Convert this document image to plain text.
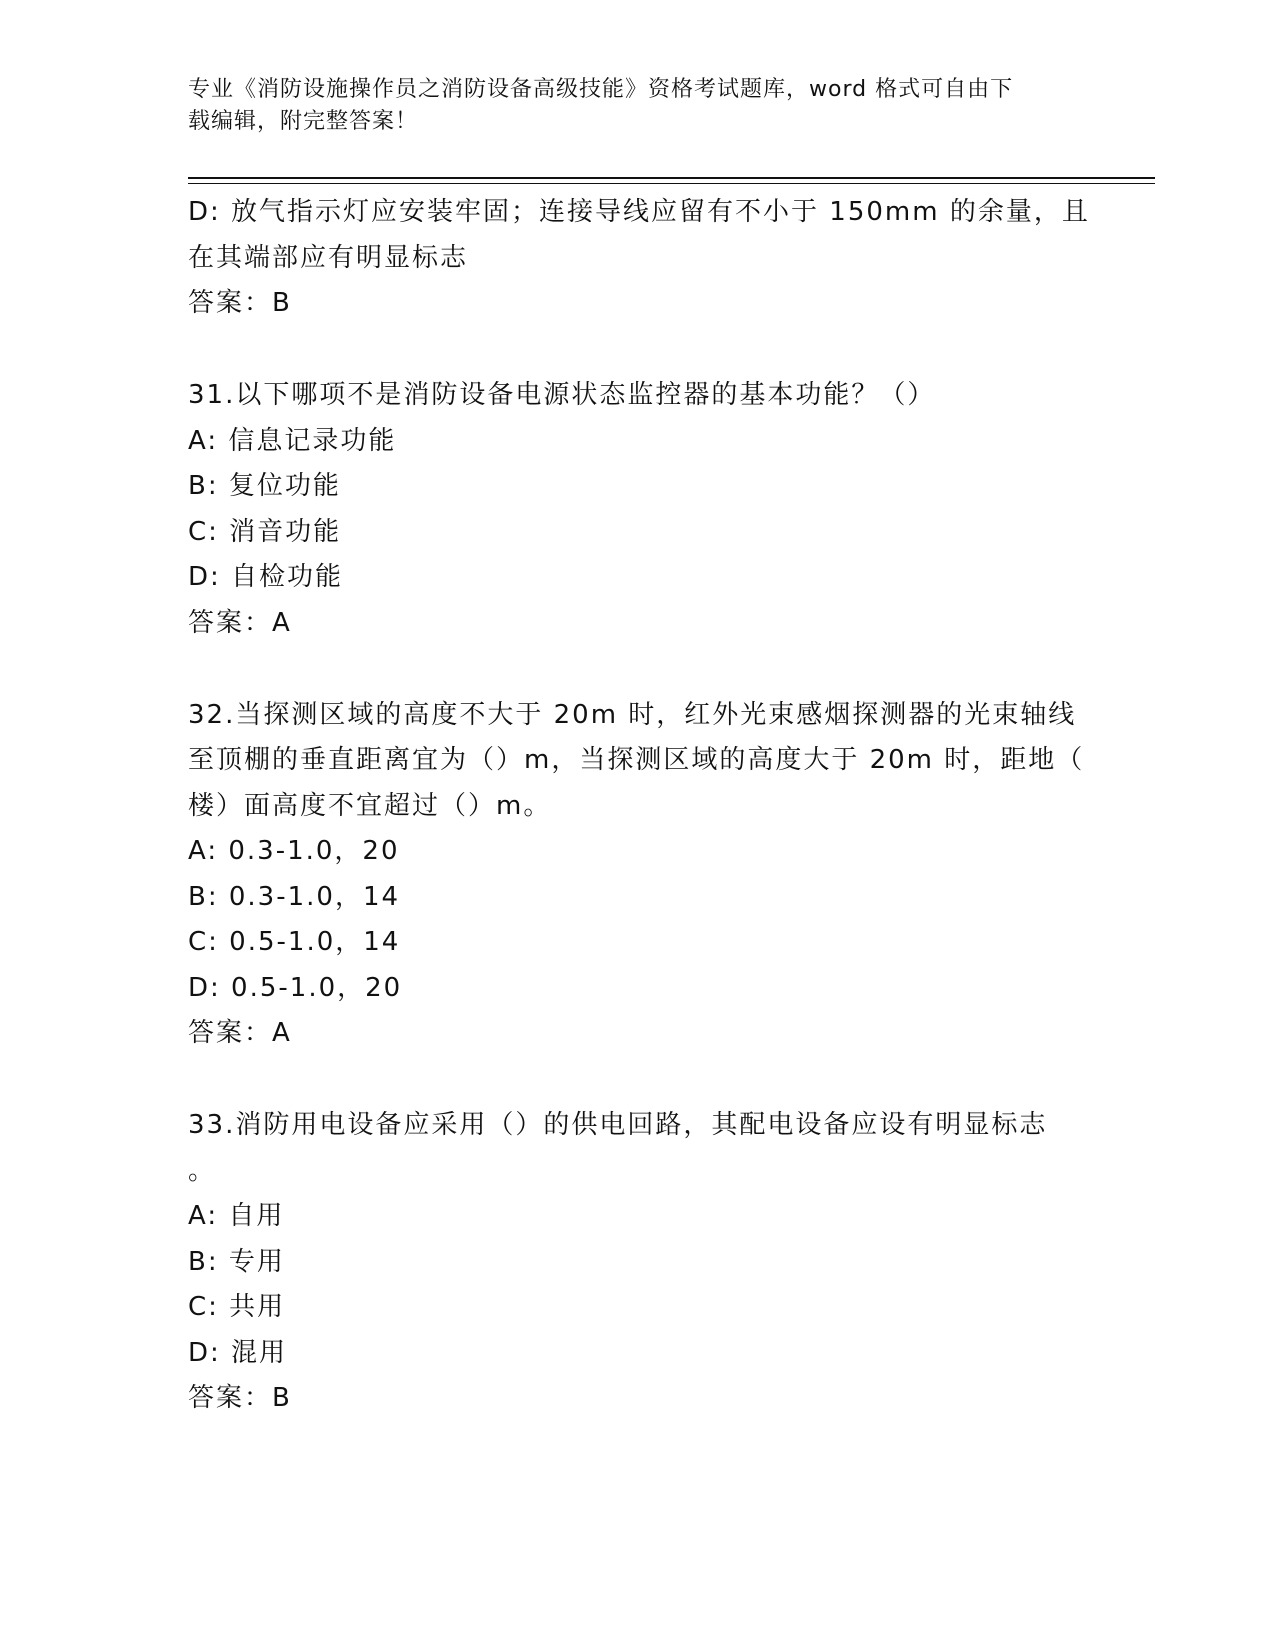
专业《消防设施操作员之消防设备高级技能》资格考试题库，word 格式可自由下
载编辑，附完整答案！
D: 放气指示灯应安装牢固；连接导线应留有不小于 150mm 的余量，且
在其端部应有明显标志
答案：B
31.以下哪项不是消防设备电源状态监控器的基本功能？（）
A: 信息记录功能
B: 复位功能
C: 消音功能
D: 自检功能
答案：A
32.当探测区域的高度不大于 20m 时，红外光束感烟探测器的光束轴线
至顶棚的垂直距离宜为（）m，当探测区域的高度大于 20m 时，距地（
楼）面高度不宜超过（）m。
A: 0.3-1.0，20
B: 0.3-1.0，14
C: 0.5-1.0，14
D: 0.5-1.0，20
答案：A
33.消防用电设备应采用（）的供电回路，其配电设备应设有明显标志
。
A: 自用
B: 专用
C: 共用
D: 混用
答案：B
